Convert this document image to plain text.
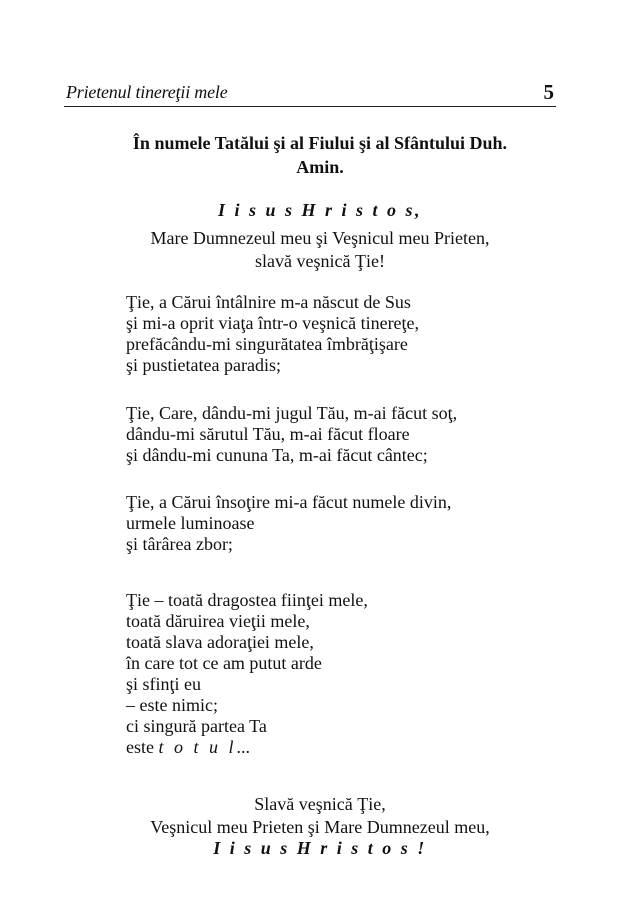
Prietenul tinereţii mele	5
În numele Tatălui şi al Fiului şi al Sfântului Duh.
Amin.
I i s u s H r i s t o s,
Mare Dumnezeul meu şi Veşnicul meu Prieten,
slavă veşnică Ţie!
Ţie, a Cărui întâlnire m-a născut de Sus
şi mi-a oprit viaţa într-o veşnică tinereţe,
prefăcându-mi singurătatea îmbrăţişare
şi pustietatea paradis;
Ţie, Care, dându-mi jugul Tău, m-ai făcut soţ,
dându-mi sărutul Tău, m-ai făcut floare
şi dându-mi cununa Ta, m-ai făcut cântec;
Ţie, a Cărui însoţire mi-a făcut numele divin,
urmele luminoase
şi târârea zbor;
Ţie – toată dragostea fiinţei mele,
toată dăruirea vieţii mele,
toată slava adoraţiei mele,
în care tot ce am putut arde
şi sfinţi eu
– este nimic;
ci singură partea Ta
este t o t u l...
Slavă veşnică Ţie,
Veşnicul meu Prieten şi Mare Dumnezeul meu,
I i s u s H r i s t o s !
